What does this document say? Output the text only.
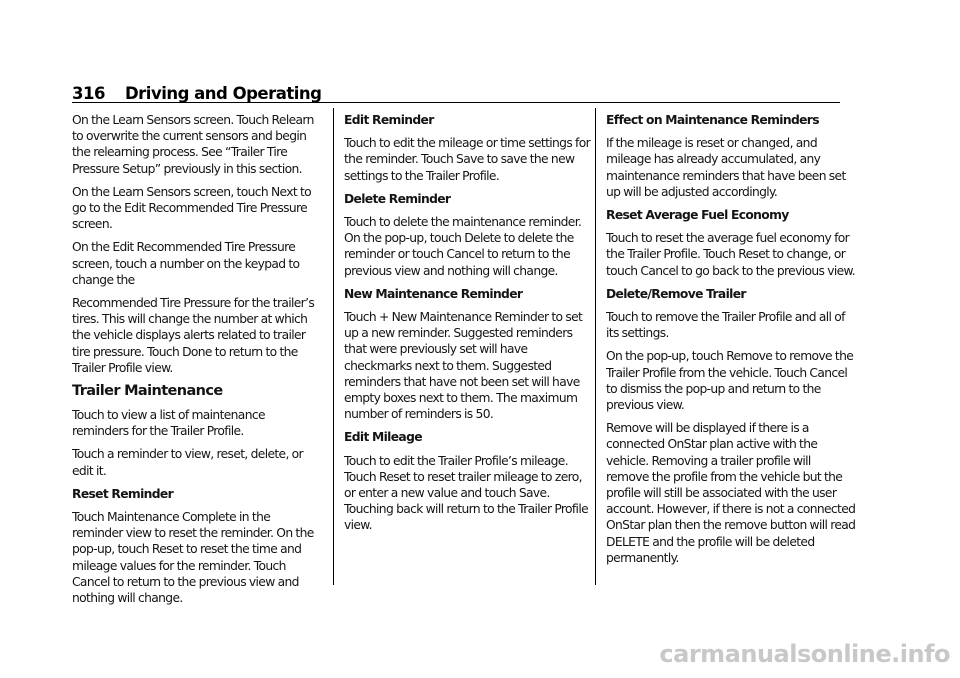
316 Driving and Operating

On the Learn Sensors screen. Touch Relearn to overwrite the current sensors and begin the relearning process. See “Trailer Tire Pressure Setup” previously in this section.

On the Learn Sensors screen, touch Next to go to the Edit Recommended Tire Pressure screen.

On the Edit Recommended Tire Pressure screen, touch a number on the keypad to change the

Recommended Tire Pressure for the trailer’s tires. This will change the number at which the vehicle displays alerts related to trailer tire pressure. Touch Done to return to the Trailer Profile view.

Trailer Maintenance

Touch to view a list of maintenance reminders for the Trailer Profile.

Touch a reminder to view, reset, delete, or edit it.

Reset Reminder

Touch Maintenance Complete in the reminder view to reset the reminder. On the pop-up, touch Reset to reset the time and mileage values for the reminder. Touch Cancel to return to the previous view and nothing will change.

Edit Reminder

Touch to edit the mileage or time settings for the reminder. Touch Save to save the new settings to the Trailer Profile.

Delete Reminder

Touch to delete the maintenance reminder. On the pop-up, touch Delete to delete the reminder or touch Cancel to return to the previous view and nothing will change.

New Maintenance Reminder

Touch + New Maintenance Reminder to set up a new reminder. Suggested reminders that were previously set will have checkmarks next to them. Suggested reminders that have not been set will have empty boxes next to them. The maximum number of reminders is 50.

Edit Mileage

Touch to edit the Trailer Profile’s mileage. Touch Reset to reset trailer mileage to zero, or enter a new value and touch Save. Touching back will return to the Trailer Profile view.

Effect on Maintenance Reminders

If the mileage is reset or changed, and mileage has already accumulated, any maintenance reminders that have been set up will be adjusted accordingly.

Reset Average Fuel Economy

Touch to reset the average fuel economy for the Trailer Profile. Touch Reset to change, or touch Cancel to go back to the previous view.

Delete/Remove Trailer

Touch to remove the Trailer Profile and all of its settings.

On the pop-up, touch Remove to remove the Trailer Profile from the vehicle. Touch Cancel to dismiss the pop-up and return to the previous view.

Remove will be displayed if there is a connected OnStar plan active with the vehicle. Removing a trailer profile will remove the profile from the vehicle but the profile will still be associated with the user account. However, if there is not a connected OnStar plan then the remove button will read DELETE and the profile will be deleted permanently.

carmanualsonline.info
